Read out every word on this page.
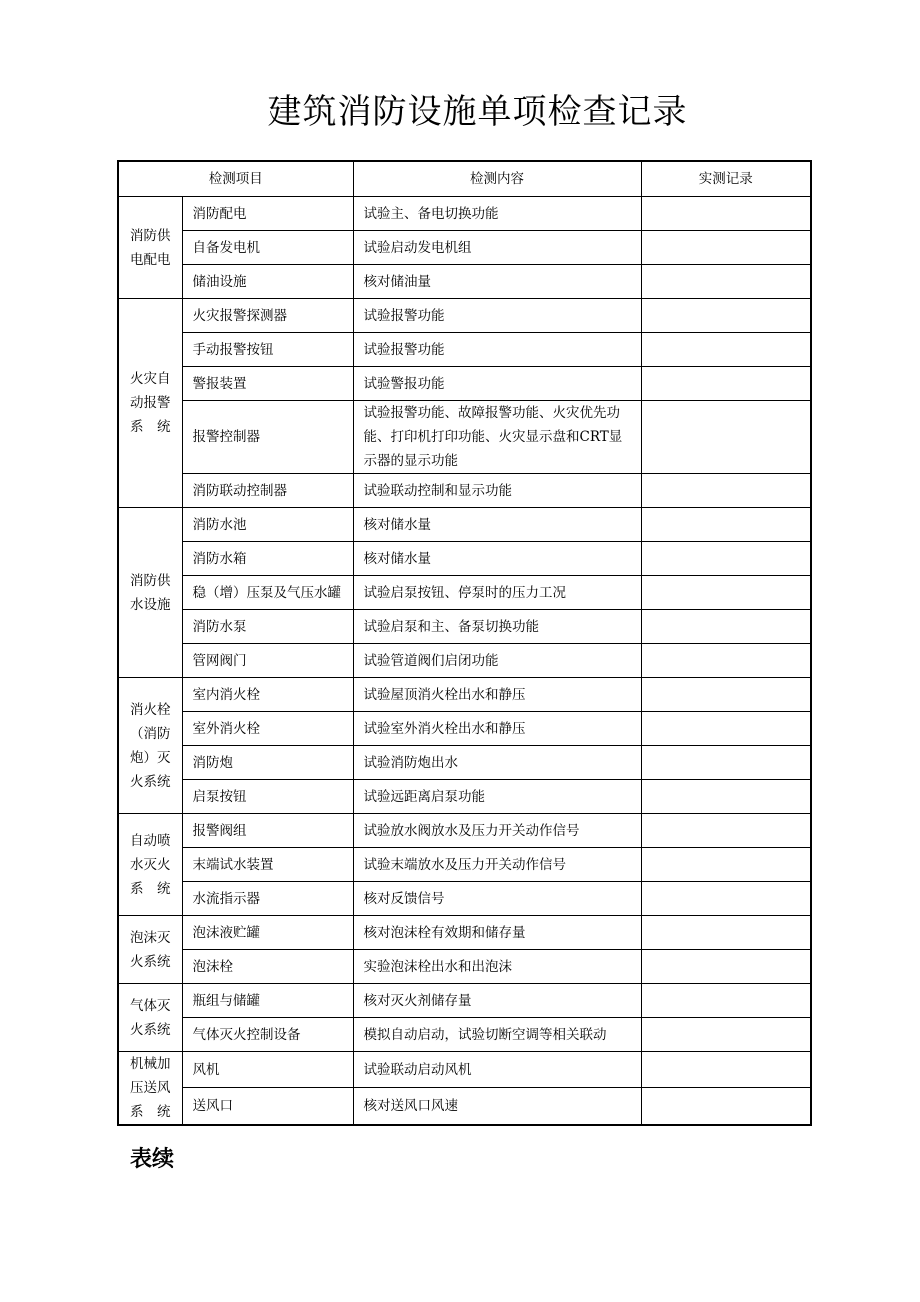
建筑消防设施单项检查记录
检测项目		检测内容	实测记录

消防供
电配电	消防配电	试验主、备电切换功能	
	自备发电机	试验启动发电机组	
	储油设施	核对储油量	

火灾自
动报警
系　统	火灾报警探测器	试验报警功能	
	手动报警按钮	试验报警功能	
	警报装置	试验警报功能	
	报警控制器	试验报警功能、故障报警功能、火灾优先功能、打印机打印功能、火灾显示盘和CRT显示器的显示功能	
	消防联动控制器	试验联动控制和显示功能	

消防供
水设施	消防水池	核对储水量	
	消防水箱	核对储水量	
	稳（增）压泵及气压水罐	试验启泵按钮、停泵时的压力工况	
	消防水泵	试验启泵和主、备泵切换功能	
	管网阀门	试验管道阀们启闭功能	

消火栓
（消防
炮）灭
火系统	室内消火栓	试验屋顶消火栓出水和静压	
	室外消火栓	试验室外消火栓出水和静压	
	消防炮	试验消防炮出水	
	启泵按钮	试验远距离启泵功能	

自动喷
水灭火
系　统	报警阀组	试验放水阀放水及压力开关动作信号	
	末端试水装置	试验末端放水及压力开关动作信号	
	水流指示器	核对反馈信号	

泡沫灭
火系统	泡沫液贮罐	核对泡沫栓有效期和储存量	
	泡沫栓	实验泡沫栓出水和出泡沫	

气体灭
火系统	瓶组与储罐	核对灭火剂储存量	
	气体灭火控制设备	模拟自动启动，试验切断空调等相关联动	

机械加
压送风
系　统	风机	试验联动启动风机	
	送风口	核对送风口风速	
表续
